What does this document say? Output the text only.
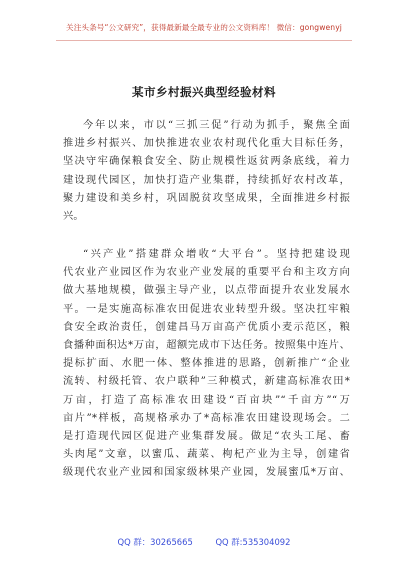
关注头条号“公文研究”，获得最新最全最专业的公文资料库！ 微信：gongwenyj
某市乡村振兴典型经验材料
今年以来，市以“三抓三促”行动为抓手，聚焦全面
推进乡村振兴、加快推进农业农村现代化重大目标任务，
坚决守牢确保粮食安全、防止规模性返贫两条底线，着力
建设现代园区，加快打造产业集群，持续抓好农村改革，
聚力建设和美乡村，巩固脱贫攻坚成果，全面推进乡村振
兴。
“兴产业”搭建群众增收“大平台”。坚持把建设现
代农业产业园区作为农业产业发展的重要平台和主攻方向
做大基地规模，做强主导产业，以点带面提升农业发展水
平。一是实施高标准农田促进农业转型升级。坚决扛牢粮
食安全政治责任，创建昌马万亩高产优质小麦示范区，粮
食播种面积达*万亩，超额完成市下达任务。按照集中连片、
提标扩面、水肥一体、整体推进的思路，创新推广“企业
流转、村级托管、农户联种”三种模式，新建高标准农田*
万亩，打造了高标准农田建设“百亩块”“千亩方”“万
亩片”*样板，高规格承办了*高标准农田建设现场会。二
是打造现代园区促进产业集群发展。做足“农头工尾、畜
头肉尾”文章，以蜜瓜、蔬菜、枸杞产业为主导，创建省
级现代农业产业园和国家级林果产业园，发展蜜瓜*万亩、
QQ 群：30265665	QQ 群:535304092
